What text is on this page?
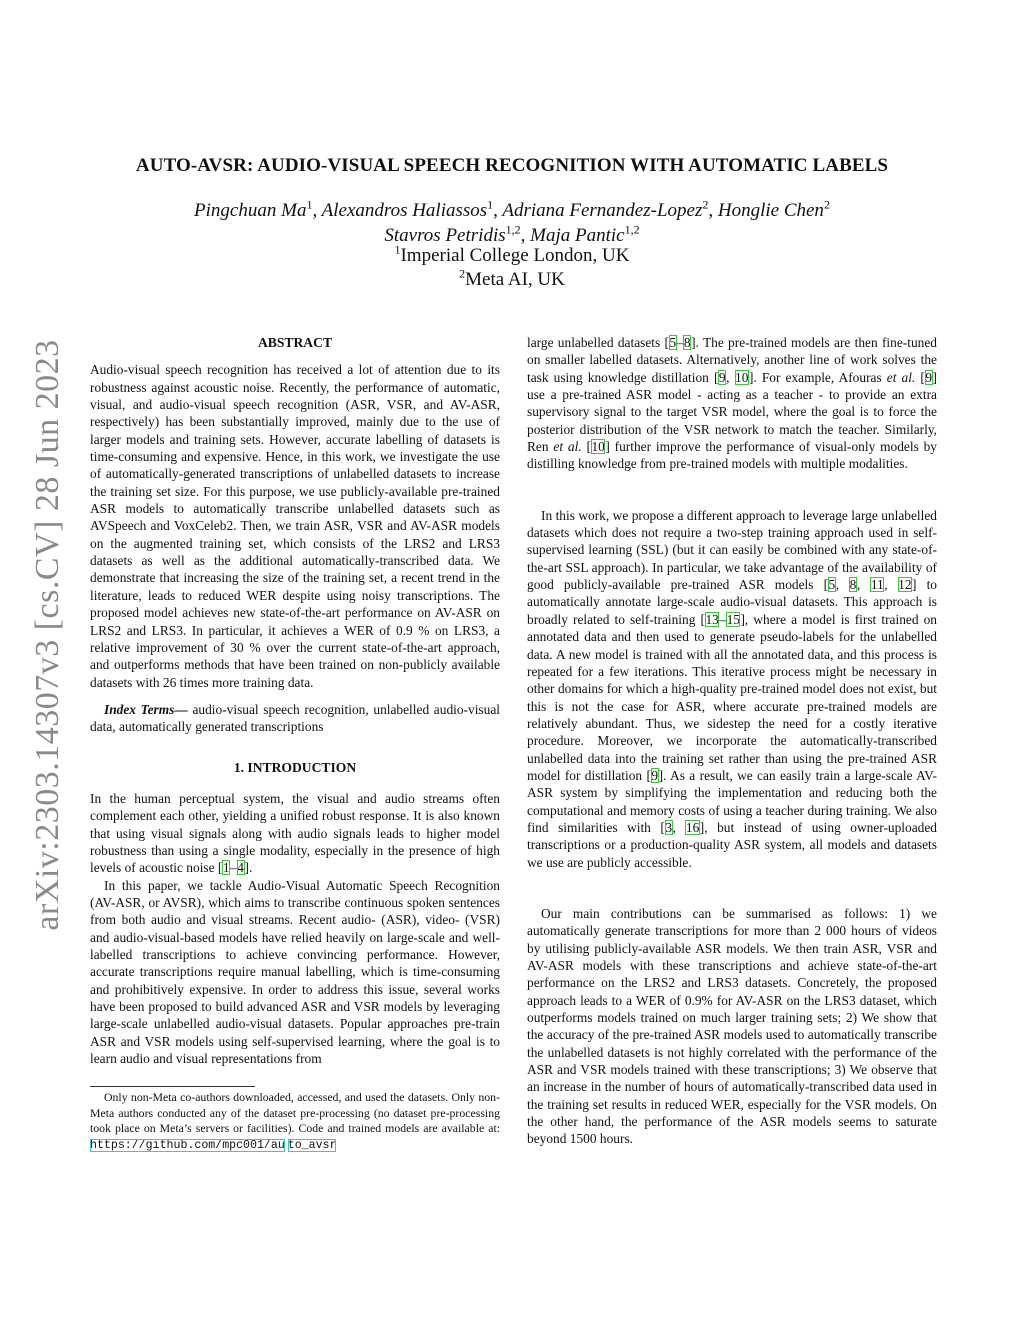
arXiv:2303.14307v3 [cs.CV] 28 Jun 2023
AUTO-AVSR: AUDIO-VISUAL SPEECH RECOGNITION WITH AUTOMATIC LABELS
Pingchuan Ma$^1$, Alexandros Haliassos$^1$, Adriana Fernandez-Lopez$^2$, Honglie Chen$^2$
Stavros Petridis$^{1,2}$, Maja Pantic$^{1,2}$
$^1$Imperial College London, UK
$^2$Meta AI, UK
ABSTRACT

Audio-visual speech recognition has received a lot of attention due to its robustness against acoustic noise. Recently, the performance of automatic, visual, and audio-visual speech recognition (ASR, VSR, and AV-ASR, respectively) has been substantially improved, mainly due to the use of larger models and training sets. However, accurate labelling of datasets is time-consuming and expensive. Hence, in this work, we investigate the use of automatically-generated transcriptions of unlabelled datasets to increase the training set size. For this purpose, we use publicly-available pre-trained ASR models to automatically transcribe unlabelled datasets such as AVSpeech and VoxCeleb2. Then, we train ASR, VSR and AV-ASR models on the augmented training set, which consists of the LRS2 and LRS3 datasets as well as the additional automatically-transcribed data. We demonstrate that increasing the size of the training set, a recent trend in the literature, leads to reduced WER despite using noisy transcriptions. The proposed model achieves new state-of-the-art performance on AV-ASR on LRS2 and LRS3. In particular, it achieves a WER of 0.9 % on LRS3, a relative improvement of 30 % over the current state-of-the-art approach, and outperforms methods that have been trained on non-publicly available datasets with 26 times more training data.

Index Terms— audio-visual speech recognition, unlabelled audio-visual data, automatically generated transcriptions

1. INTRODUCTION

In the human perceptual system, the visual and audio streams often complement each other, yielding a unified robust response. It is also known that using visual signals along with audio signals leads to higher model robustness than using a single modality, especially in the presence of high levels of acoustic noise [1–4].

In this paper, we tackle Audio-Visual Automatic Speech Recognition (AV-ASR, or AVSR), which aims to transcribe continuous spoken sentences from both audio and visual streams. Recent audio- (ASR), video- (VSR) and audio-visual-based models have relied heavily on large-scale and well-labelled transcriptions to achieve convincing performance. However, accurate transcriptions require manual labelling, which is time-consuming and prohibitively expensive. In order to address this issue, several works have been proposed to build advanced ASR and VSR models by leveraging large-scale unlabelled audio-visual datasets. Popular approaches pre-train ASR and VSR models using self-supervised learning, where the goal is to learn audio and visual representations from

Only non-Meta co-authors downloaded, accessed, and used the datasets. Only non-Meta authors conducted any of the dataset pre-processing (no dataset pre-processing took place on Meta’s servers or facilities). Code and trained models are available at: https://github.com/mpc001/au to_avsr

large unlabelled datasets [5–8]. The pre-trained models are then fine-tuned on smaller labelled datasets. Alternatively, another line of work solves the task using knowledge distillation [9, 10]. For example, Afouras et al. [9] use a pre-trained ASR model - acting as a teacher - to provide an extra supervisory signal to the target VSR model, where the goal is to force the posterior distribution of the VSR network to match the teacher. Similarly, Ren et al. [10] further improve the performance of visual-only models by distilling knowledge from pre-trained models with multiple modalities.

In this work, we propose a different approach to leverage large unlabelled datasets which does not require a two-step training approach used in self-supervised learning (SSL) (but it can easily be combined with any state-of-the-art SSL approach). In particular, we take advantage of the availability of good publicly-available pre-trained ASR models [5, 8, 11, 12] to automatically annotate large-scale audio-visual datasets. This approach is broadly related to self-training [13–15], where a model is first trained on annotated data and then used to generate pseudo-labels for the unlabelled data. A new model is trained with all the annotated data, and this process is repeated for a few iterations. This iterative process might be necessary in other domains for which a high-quality pre-trained model does not exist, but this is not the case for ASR, where accurate pre-trained models are relatively abundant. Thus, we sidestep the need for a costly iterative procedure. Moreover, we incorporate the automatically-transcribed unlabelled data into the training set rather than using the pre-trained ASR model for distillation [9]. As a result, we can easily train a large-scale AV-ASR system by simplifying the implementation and reducing both the computational and memory costs of using a teacher during training. We also find similarities with [3, 16], but instead of using owner-uploaded transcriptions or a production-quality ASR system, all models and datasets we use are publicly accessible.

Our main contributions can be summarised as follows: 1) we automatically generate transcriptions for more than 2 000 hours of videos by utilising publicly-available ASR models. We then train ASR, VSR and AV-ASR models with these transcriptions and achieve state-of-the-art performance on the LRS2 and LRS3 datasets. Concretely, the proposed approach leads to a WER of 0.9% for AV-ASR on the LRS3 dataset, which outperforms models trained on much larger training sets; 2) We show that the accuracy of the pre-trained ASR models used to automatically transcribe the unlabelled datasets is not highly correlated with the performance of the ASR and VSR models trained with these transcriptions; 3) We observe that an increase in the number of hours of automatically-transcribed data used in the training set results in reduced WER, especially for the VSR models. On the other hand, the performance of the ASR models seems to saturate beyond 1500 hours.
